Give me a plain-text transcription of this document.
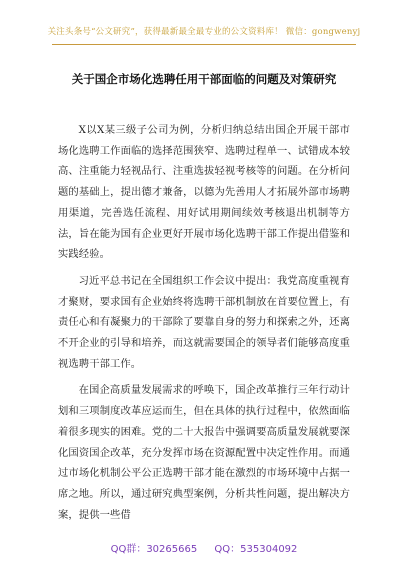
关注头条号“公文研究”，获得最新最全最专业的公文资料库！ 微信：gongwenyj
关于国企市场化选聘任用干部面临的问题及对策研究

X以X某三级子公司为例，分析归纳总结出国企开展干部市场化选聘工作面临的选择范围狭窄、选聘过程单一、试错成本较高、注重能力轻视品行、注重选拔轻视考核等的问题。在分析问题的基础上，提出德才兼备，以德为先善用人才拓展外部市场聘用渠道，完善选任流程、用好试用期间续效考核退出机制等方法，旨在能为国有企业更好开展市场化选聘干部工作提出借鉴和实践经验。

习近平总书记在全国组织工作会议中提出：我党高度重视育才聚财，要求国有企业始终将选聘干部机制放在首要位置上，有责任心和有凝聚力的干部除了要靠自身的努力和探索之外，还离不开企业的引导和培养，而这就需要国企的领导者们能够高度重视选聘干部工作。

在国企高质量发展需求的呼唤下，国企改革推行三年行动计划和三项制度改革应运而生，但在具体的执行过程中，依然面临着很多现实的困难。党的二十大报告中强调要高质量发展就要深化国资国企改革，充分发挥市场在资源配置中决定性作用。而通过市场化机制公平公正选聘干部才能在激烈的市场环境中占据一席之地。所以，通过研究典型案例，分析共性问题，提出解决方案，提供一些借

QQ群：30265665 QQ：535304092
